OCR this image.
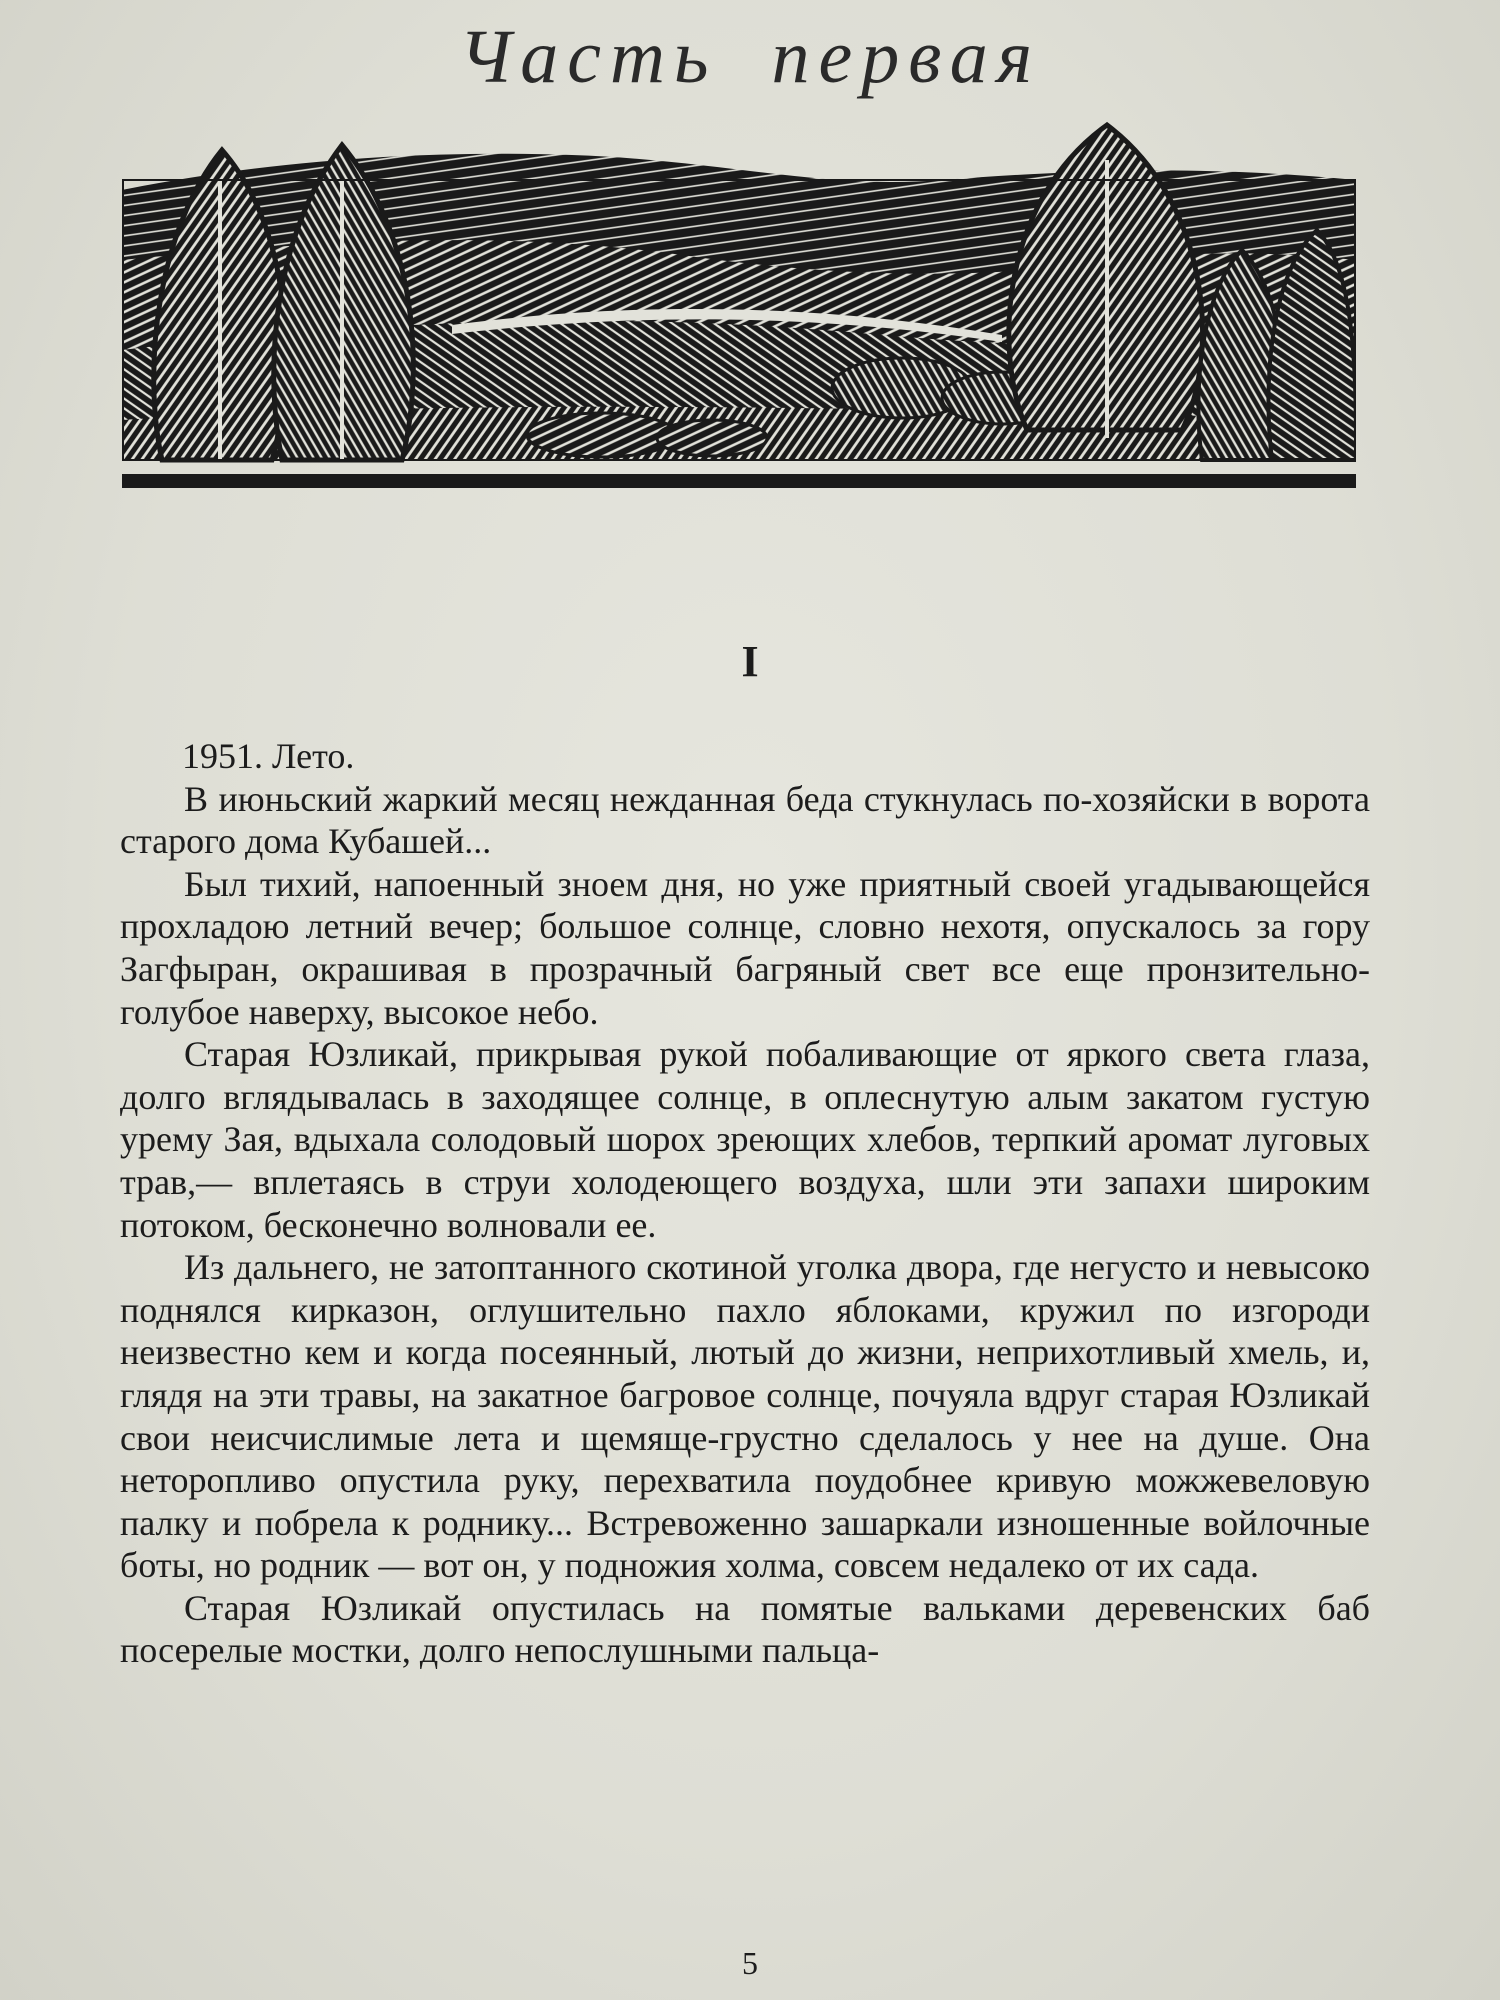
Часть первая
I

1951. Лето.

В июньский жаркий месяц нежданная беда стукнулась по-хозяйски в ворота старого дома Кубашей...

Был тихий, напоенный зноем дня, но уже приятный своей угадывающейся прохладою летний вечер; большое солнце, словно нехотя, опускалось за гору Загфыран, окрашивая в прозрачный багряный свет все еще пронзительно-голубое наверху, высокое небо.

Старая Юзликай, прикрывая рукой побаливающие от яркого света глаза, долго вглядывалась в заходящее солнце, в оплеснутую алым закатом густую урему Зая, вдыхала солодовый шорох зреющих хлебов, терпкий аромат луговых трав,— вплетаясь в струи холодеющего воздуха, шли эти запахи широким потоком, бесконечно волновали ее.

Из дальнего, не затоптанного скотиной уголка двора, где негусто и невысоко поднялся кирказон, оглушительно пахло яблоками, кружил по изгороди неизвестно кем и когда посеянный, лютый до жизни, неприхотливый хмель, и, глядя на эти травы, на закатное багровое солнце, почуяла вдруг старая Юзликай свои неисчислимые лета и щемяще-грустно сделалось у нее на душе. Она неторопливо опустила руку, перехватила поудобнее кривую можжевеловую палку и побрела к роднику... Встревоженно зашаркали изношенные войлочные боты, но родник — вот он, у подножия холма, совсем недалеко от их сада.

Старая Юзликай опустилась на помятые вальками деревенских баб посерелые мостки, долго непослушными пальца-

5
